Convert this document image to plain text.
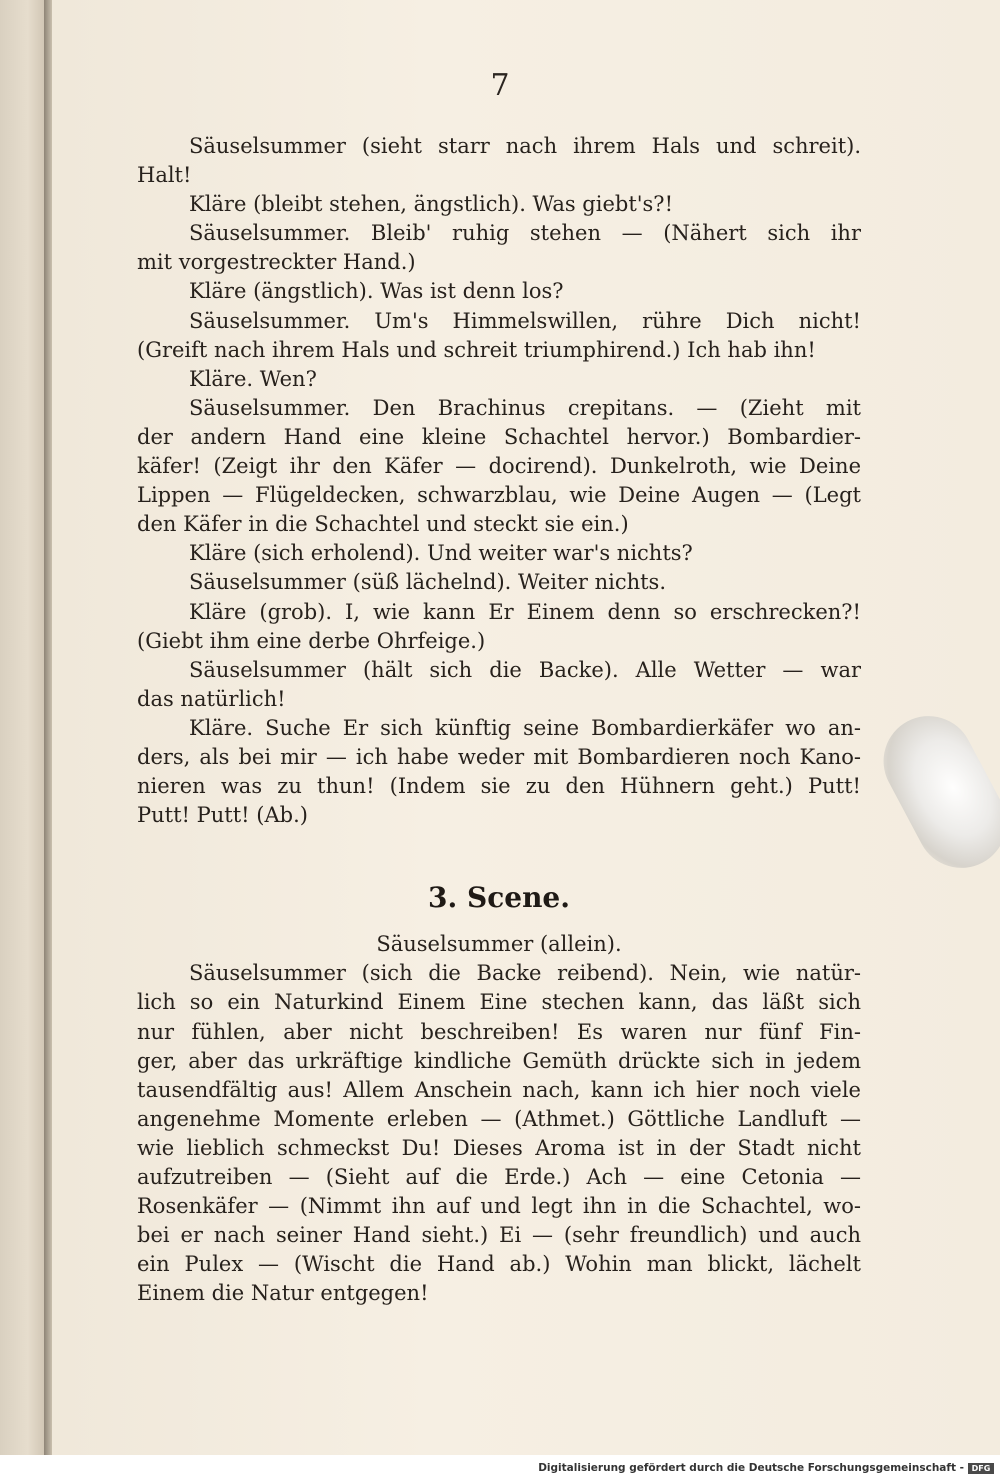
7
Säuselsummer (sieht starr nach ihrem Hals und schreit).
Halt!
Kläre (bleibt stehen, ängstlich). Was giebt's?!
Säuselsummer. Bleib' ruhig stehen — (Nähert sich ihr
mit vorgestreckter Hand.)
Kläre (ängstlich). Was ist denn los?
Säuselsummer. Um's Himmelswillen, rühre Dich nicht!
(Greift nach ihrem Hals und schreit triumphirend.) Ich hab ihn!
Kläre. Wen?
Säuselsummer. Den Brachinus crepitans. — (Zieht mit
der andern Hand eine kleine Schachtel hervor.) Bombardier-
käfer! (Zeigt ihr den Käfer — docirend). Dunkelroth, wie Deine
Lippen — Flügeldecken, schwarzblau, wie Deine Augen — (Legt
den Käfer in die Schachtel und steckt sie ein.)
Kläre (sich erholend). Und weiter war's nichts?
Säuselsummer (süß lächelnd). Weiter nichts.
Kläre (grob). I, wie kann Er Einem denn so erschrecken?!
(Giebt ihm eine derbe Ohrfeige.)
Säuselsummer (hält sich die Backe). Alle Wetter — war
das natürlich!
Kläre. Suche Er sich künftig seine Bombardierkäfer wo an-
ders, als bei mir — ich habe weder mit Bombardieren noch Kano-
nieren was zu thun! (Indem sie zu den Hühnern geht.) Putt!
Putt! Putt! (Ab.)
3. Scene.
Säuselsummer (allein).
Säuselsummer (sich die Backe reibend). Nein, wie natür-
lich so ein Naturkind Einem Eine stechen kann, das läßt sich
nur fühlen, aber nicht beschreiben! Es waren nur fünf Fin-
ger, aber das urkräftige kindliche Gemüth drückte sich in jedem
tausendfältig aus! Allem Anschein nach, kann ich hier noch viele
angenehme Momente erleben — (Athmet.) Göttliche Landluft —
wie lieblich schmeckst Du! Dieses Aroma ist in der Stadt nicht
aufzutreiben — (Sieht auf die Erde.) Ach — eine Cetonia —
Rosenkäfer — (Nimmt ihn auf und legt ihn in die Schachtel, wo-
bei er nach seiner Hand sieht.) Ei — (sehr freundlich) und auch
ein Pulex — (Wischt die Hand ab.) Wohin man blickt, lächelt
Einem die Natur entgegen!
Digitalisierung gefördert durch die Deutsche Forschungsgemeinschaft - DFG
